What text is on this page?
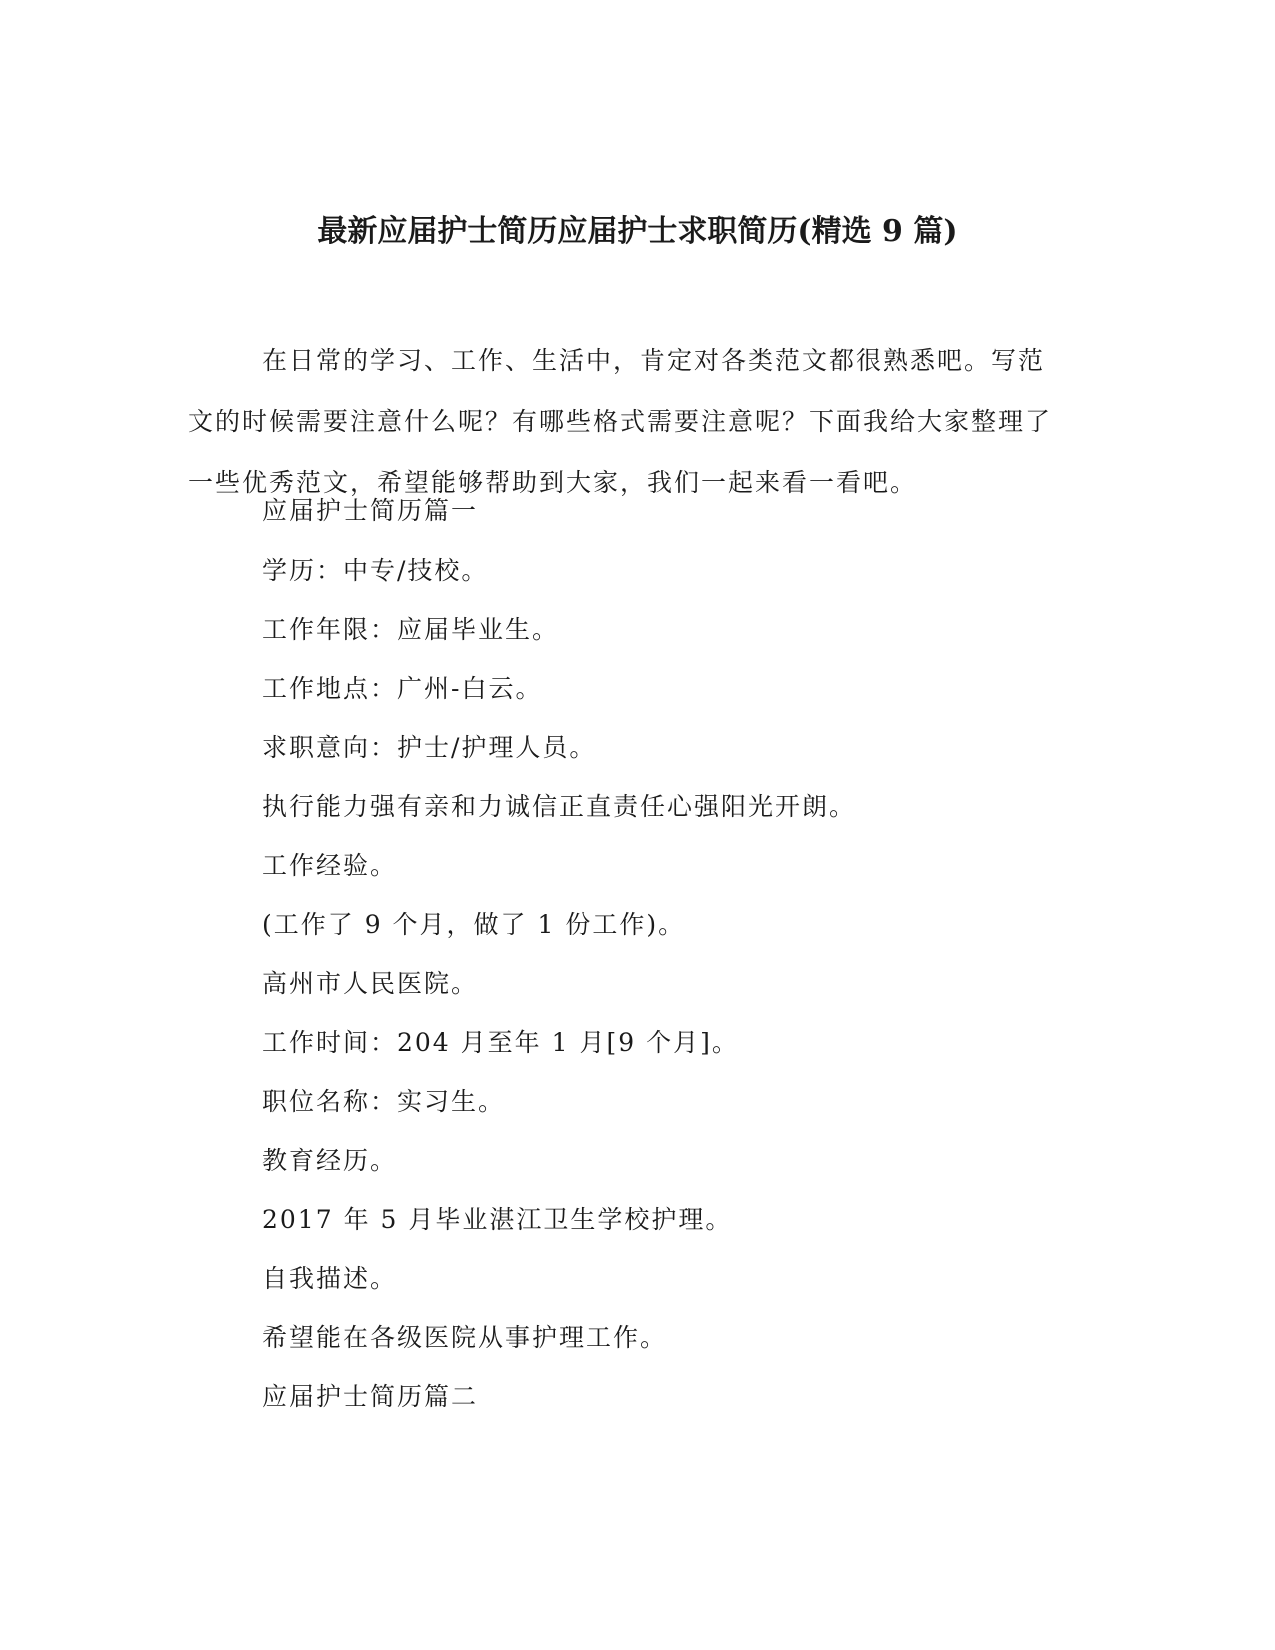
最新应届护士简历应届护士求职简历(精选 9 篇)

在日常的学习、工作、生活中，肯定对各类范文都很熟悉吧。写范文的时候需要注意什么呢？有哪些格式需要注意呢？下面我给大家整理了一些优秀范文，希望能够帮助到大家，我们一起来看一看吧。

应届护士简历篇一

学历：中专/技校。

工作年限：应届毕业生。

工作地点：广州-白云。

求职意向：护士/护理人员。

执行能力强有亲和力诚信正直责任心强阳光开朗。

工作经验。

(工作了 9 个月，做了 1 份工作)。

高州市人民医院。

工作时间：204 月至年 1 月[9 个月]。

职位名称：实习生。

教育经历。

2017 年 5 月毕业湛江卫生学校护理。

自我描述。

希望能在各级医院从事护理工作。

应届护士简历篇二
